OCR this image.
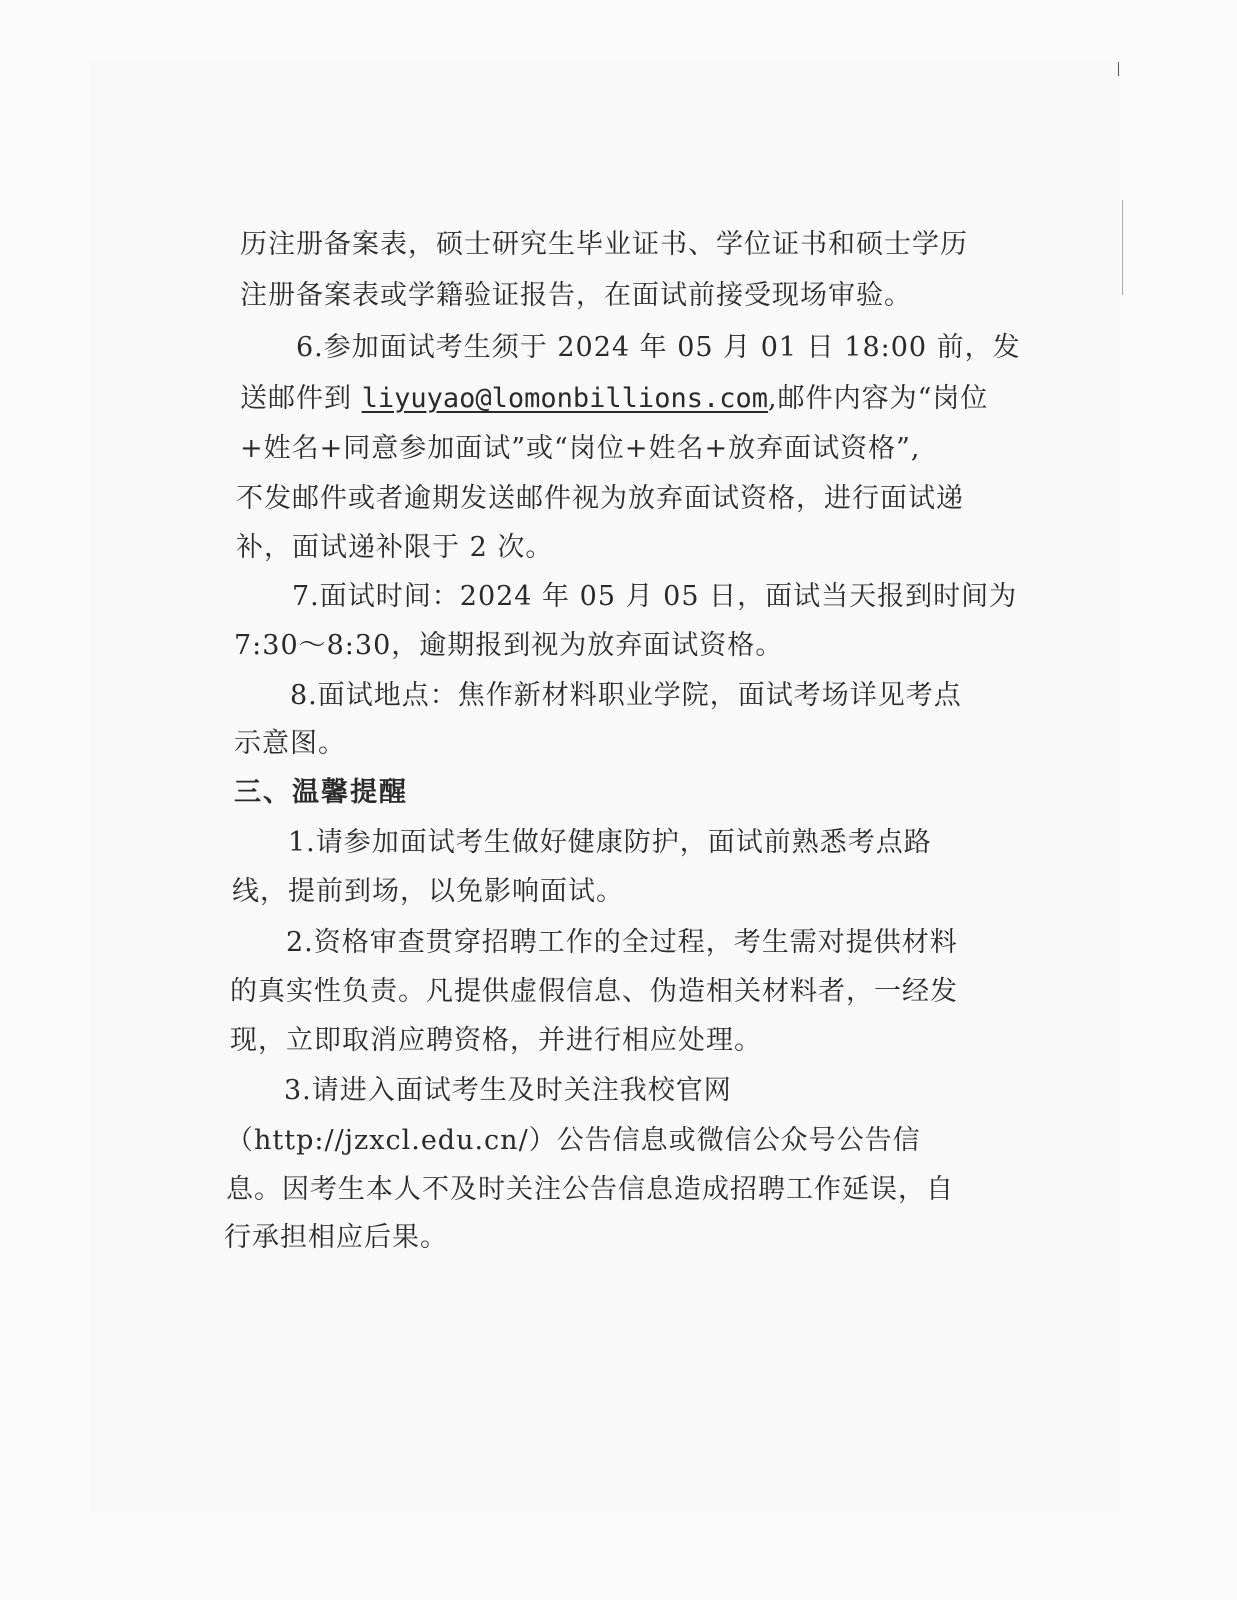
历注册备案表，硕士研究生毕业证书、学位证书和硕士学历
注册备案表或学籍验证报告，在面试前接受现场审验。
6.参加面试考生须于 2024 年 05 月 01 日 18:00 前，发
送邮件到 liyuyao@lomonbillions.com,邮件内容为“岗位
+姓名+同意参加面试”或“岗位+姓名+放弃面试资格”,
不发邮件或者逾期发送邮件视为放弃面试资格，进行面试递
补，面试递补限于 2 次。
7.面试时间：2024 年 05 月 05 日，面试当天报到时间为
7:30～8:30，逾期报到视为放弃面试资格。
8.面试地点：焦作新材料职业学院，面试考场详见考点
示意图。
三、温馨提醒
1.请参加面试考生做好健康防护，面试前熟悉考点路
线，提前到场，以免影响面试。
2.资格审查贯穿招聘工作的全过程，考生需对提供材料
的真实性负责。凡提供虚假信息、伪造相关材料者，一经发
现，立即取消应聘资格，并进行相应处理。
3.请进入面试考生及时关注我校官网
（http://jzxcl.edu.cn/）公告信息或微信公众号公告信
息。因考生本人不及时关注公告信息造成招聘工作延误，自
行承担相应后果。
